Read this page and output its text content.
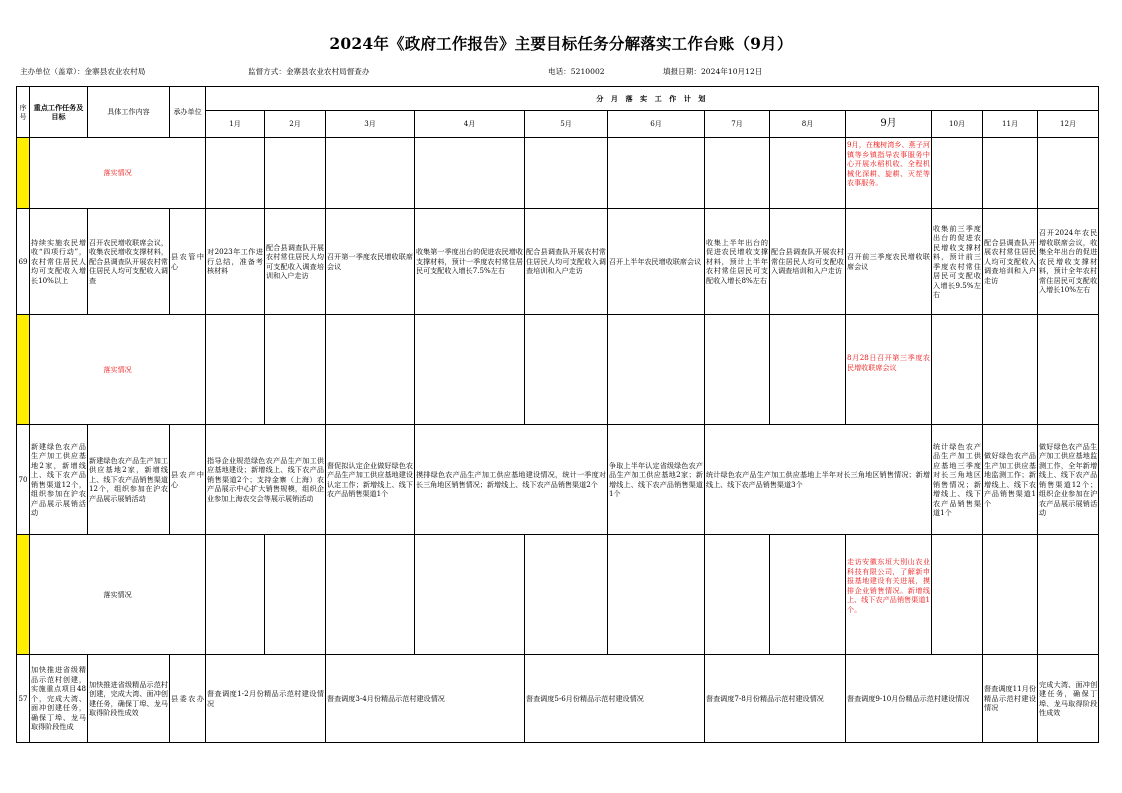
2024年《政府工作报告》主要目标任务分解落实工作台账（9月）
主办单位（盖章）：金寨县农业农村局	监督方式：金寨县农业农村局督查办	电话：5210002	填报日期：2024年10月12日
序号	重点工作任务及目标	具体工作内容	承办单位	分 月 落 实 工 作 计 划											
				1月	2月	3月	4月	5月	6月	7月	8月	9月	10月	11月	12月
	落实情况											9月，在槐树湾乡、燕子河镇等乡镇指导农事服务中心开展水稻机收、全程机械化深耕、旋耕、灭茬等农事服务。			
69	持续实施农民增收“四项行动”，农村常住居民人均可支配收入增长10%以上	召开农民增收联席会议，收集农民增收支撑材料，配合县调查队开展农村常住居民人均可支配收入调查	县农管中心	对2023年工作进行总结，准备考核材料	配合县调查队开展农村常住居民人均可支配收入调查培训和入户走访	召开第一季度农民增收联席会议	收集第一季度出台的促进农民增收支撑材料，预计一季度农村常住居民可支配收入增长7.5%左右	配合县调查队开展农村常住居民人均可支配收入调查培训和入户走访	召开上半年农民增收联席会议	收集上半年出台的促进农民增收支撑材料，预计上半年农村常住居民可支配收入增长8%左右	配合县调查队开展农村常住居民人均可支配收入调查培训和入户走访	召开前三季度农民增收联席会议	收集前三季度出台的促进农民增收支撑材料，预计前三季度农村常住居民可支配收入增长9.5%左右	配合县调查队开展农村常住居民人均可支配收入调查培训和入户走访	召开2024年农民增收联席会议，收集全年出台的促进农民增收支撑材料，预计全年农村常住居民可支配收入增长10%左右
	落实情况											8月28日召开第三季度农民增收联席会议			
70	新建绿色农产品生产加工供应基地2家，新增线上、线下农产品销售渠道12个，组织参加在沪农产品展示展销活动	新建绿色农产品生产加工供应基地2家，新增线上、线下农产品销售渠道12个，组织参加在沪农产品展示展销活动	县农产中心	指导企业规范绿色农产品生产加工供应基地建设；新增线上、线下农产品销售渠道2个；支持金寨（上海）农产品展示中心扩大销售规模，组织企业参加上海农交会等展示展销活动		督促拟认定企业做好绿色农产品生产加工供应基地建设认定工作；新增线上、线下农产品销售渠道1个	摸排绿色农产品生产加工供应基地建设情况，统计一季度对长三角地区销售情况；新增线上、线下农产品销售渠道2个		争取上半年认定省级绿色农产品生产加工供应基地2家；新增线上、线下农产品销售渠道1个	统计绿色农产品生产加工供应基地上半年对长三角地区销售情况；新增线上、线下农产品销售渠道3个			统计绿色农产品生产加工供应基地三季度对长三角地区销售情况；新增线上、线下农产品销售渠道1个	做好绿色农产品生产加工供应基地监测工作；新增线上、线下农产品销售渠道1个	做好绿色农产品生产加工供应基地监测工作，全年新增线上、线下农产品销售渠道12个；组织企业参加在沪农产品展示展销活动
	落实情况											走访安徽东垣大别山农业科技有限公司，了解新申报基地建设有关进展，摸排企业销售情况。新增线上、线下农产品销售渠道1个。			
57	加快推进省级精品示范村创建，实施重点项目48个，完成大湾、面冲创建任务，确保丁埠、龙马取得阶段性成	加快推进省级精品示范村创建，完成大湾、面冲创建任务，确保丁埠、龙马取得阶段性成效	县委农办	督查调度1-2月份精品示范村建设情况		督查调度3-4月份精品示范村建设情况		督查调度5-6月份精品示范村建设情况		督查调度7-8月份精品示范村建设情况		督查调度9-10月份精品示范村建设情况		督查调度11月份精品示范村建设情况	完成大湾、面冲创建任务，确保丁埠、龙马取得阶段性成效
